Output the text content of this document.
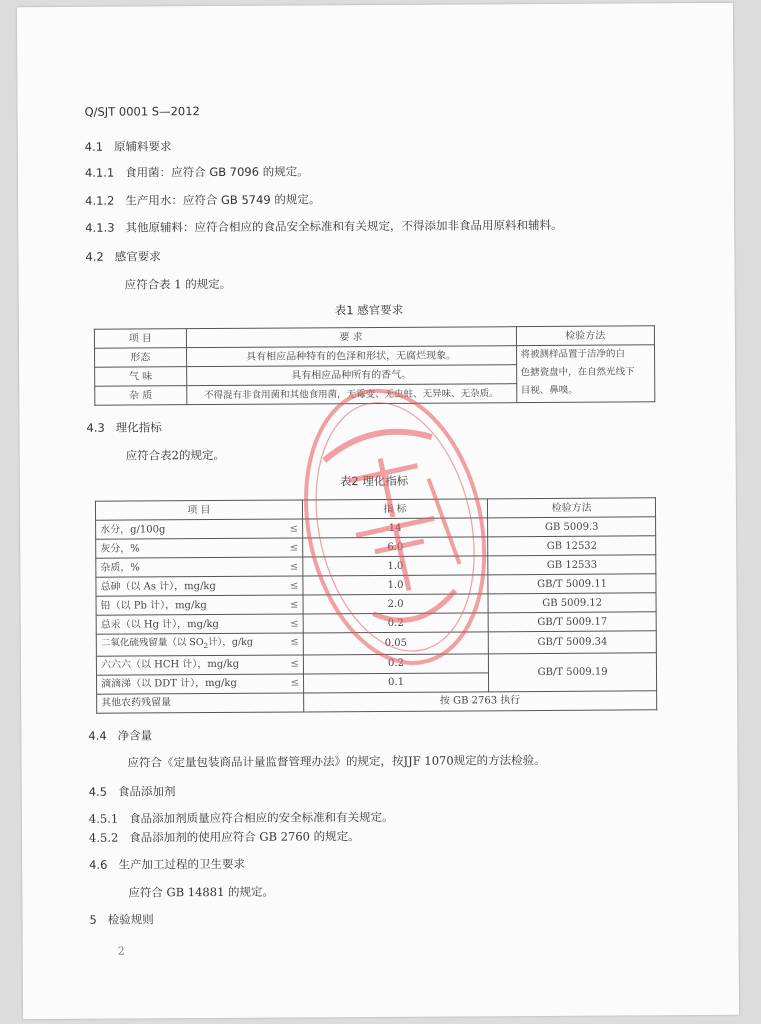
Q/SJT 0001 S—2012
4.1 原辅料要求
4.1.1 食用菌：应符合 GB 7096 的规定。
4.1.2 生产用水：应符合 GB 5749 的规定。
4.1.3 其他原辅料：应符合相应的食品安全标准和有关规定，不得添加非食品用原料和辅料。
4.2 感官要求
应符合表 1 的规定。
表1 感官要求
项 目	要 求	检验方法
形态	具有相应品种特有的色泽和形状，无腐烂现象。	将被测样品置于洁净的白
色搪瓷盘中，在自然光线下
目视、鼻嗅。

气 味	具有相应品种所有的香气。	
杂 质	不得混有非食用菌和其他食用菌，无霉变、无虫蛀、无异味、无杂质。	
4.3 理化指标
应符合表2的规定。
表2 理化指标
项 目	指 标	检验方法
水分，g/100g ≤	14	GB 5009.3
灰分，% ≤	6.0	GB 12532
杂质，% ≤	1.0	GB 12533
总砷（以 As 计），mg/kg ≤	1.0	GB/T 5009.11
铅（以 Pb 计），mg/kg ≤	2.0	GB 5009.12
总汞（以 Hg 计），mg/kg ≤	0.2	GB/T 5009.17
二氧化硫残留量（以 $SO_2$计），g/kg ≤	0.05	GB/T 5009.34
六六六（以 HCH 计），mg/kg ≤	0.2	GB/T 5009.19
滴滴涕（以 DDT 计），mg/kg ≤	0.1	
其他农药残留量	按 GB 2763 执行	
4.4 净含量
应符合《定量包装商品计量监督管理办法》的规定，按JJF 1070规定的方法检验。
4.5 食品添加剂
4.5.1 食品添加剂质量应符合相应的安全标准和有关规定。
4.5.2 食品添加剂的使用应符合 GB 2760 的规定。
4.6 生产加工过程的卫生要求
应符合 GB 14881 的规定。
5 检验规则
2
